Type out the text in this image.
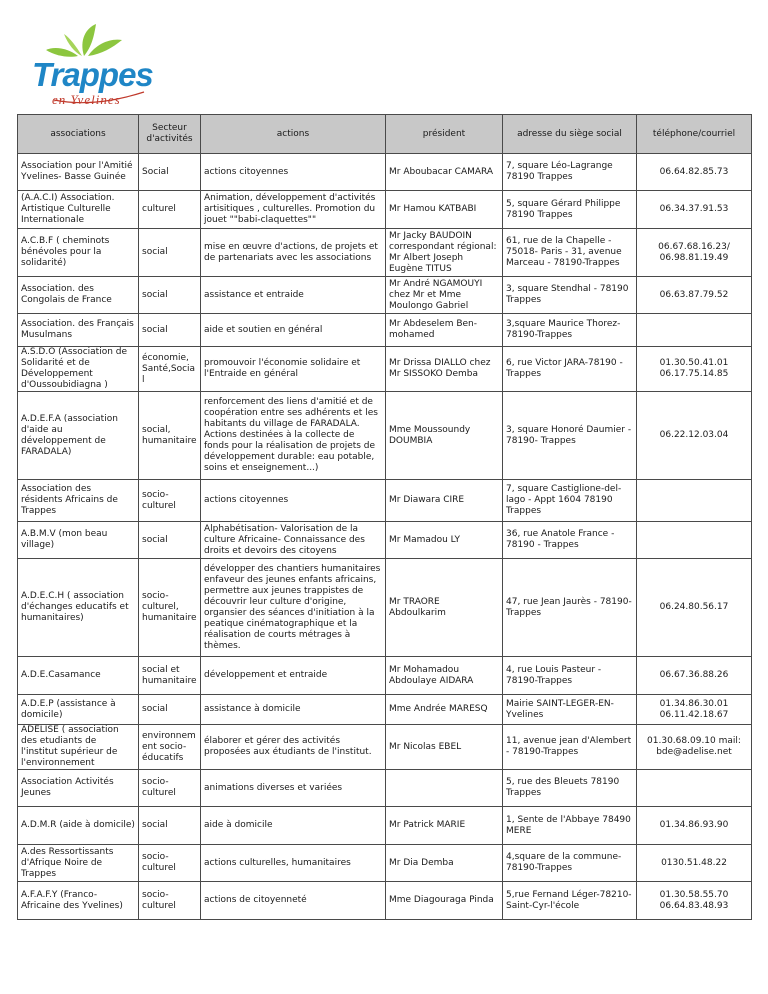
Trappes
en Yvelines
associations	Secteur d'activités	actions	président	adresse du siège social	téléphone/courriel
Association pour l'Amitié Yvelines- Basse Guinée	Social	actions citoyennes	Mr Aboubacar CAMARA	7, square Léo-Lagrange 78190 Trappes	06.64.82.85.73
(A.A.C.I) Association. Artistique Culturelle Internationale	culturel	Animation, développement d'activités artisitiques , culturelles. Promotion du jouet ""babi-claquettes""	Mr Hamou KATBABI	5, square Gérard Philippe 78190 Trappes	06.34.37.91.53
A.C.B.F ( cheminots bénévoles pour la solidarité)	social	mise en œuvre d'actions, de projets et de partenariats avec les associations	Mr Jacky BAUDOIN correspondant régional: Mr Albert Joseph Eugène TITUS	61, rue de la Chapelle - 75018- Paris - 31, avenue Marceau - 78190-Trappes	06.67.68.16.23/ 06.98.81.19.49
Association. des Congolais de France	social	assistance et entraide	Mr André NGAMOUYI chez Mr et Mme Moulongo Gabriel	3, square Stendhal - 78190 Trappes	06.63.87.79.52
Association. des Français Musulmans	social	aide et soutien en général	Mr Abdeselem Ben-mohamed	3,square Maurice Thorez-78190-Trappes	
A.S.D.O (Association de Solidarité et de Développement d'Oussoubidiagna )	économie, Santé,Social	promouvoir l'économie solidaire et l'Entraide en général	Mr Drissa DIALLO chez Mr SISSOKO Demba	6, rue Victor JARA-78190 - Trappes	01.30.50.41.01 06.17.75.14.85
A.D.E.F.A (association d'aide au développement de FARADALA)	social, humanitaire	renforcement des liens d'amitié et de coopération entre ses adhérents et les habitants du village de FARADALA. Actions destinées à la collecte de fonds pour la réalisation de projets de développement durable: eau potable, soins et enseignement...)	Mme Moussoundy DOUMBIA	3, square Honoré Daumier - 78190- Trappes	06.22.12.03.04
Association des résidents Africains de Trappes	socio-culturel	actions citoyennes	Mr Diawara CIRE	7, square Castiglione-del-lago - Appt 1604 78190 Trappes	
A.B.M.V (mon beau village)	social	Alphabétisation- Valorisation de la culture Africaine- Connaissance des droits et devoirs des citoyens	Mr Mamadou LY	36, rue Anatole France - 78190 - Trappes	
A.D.E.C.H ( association d'échanges educatifs et humanitaires)	socio-culturel, humanitaire	développer des chantiers humanitaires enfaveur des jeunes enfants africains, permettre aux jeunes trappistes de découvrir leur culture d'origine, organsier des séances d'initiation à la peatique cinématographique et la réalisation de courts métrages à thèmes.	Mr TRAORE Abdoulkarim	47, rue Jean Jaurès - 78190-Trappes	06.24.80.56.17
A.D.E.Casamance	social et humanitaire	développement et entraide	Mr Mohamadou Abdoulaye AIDARA	4, rue Louis Pasteur - 78190-Trappes	06.67.36.88.26
A.D.E.P (assistance à domicile)	social	assistance à domicile	Mme Andrée MARESQ	Mairie SAINT-LEGER-EN-Yvelines	01.34.86.30.01 06.11.42.18.67
ADELISE ( association des etudiants de l'institut supérieur de l'environnement	environnem ent socio-éducatifs	élaborer et gérer des activités proposées aux étudiants de l'institut.	Mr Nicolas EBEL	11, avenue jean d'Alembert - 78190-Trappes	01.30.68.09.10 mail: bde@adelise.net
Association Activités Jeunes	socio-culturel	animations diverses et variées		5, rue des Bleuets 78190 Trappes	
A.D.M.R (aide à domicile)	social	aide à domicile	Mr Patrick MARIE	1, Sente de l'Abbaye 78490 MERE	01.34.86.93.90
A.des Ressortissants d'Afrique Noire de Trappes	socio-culturel	actions culturelles, humanitaires	Mr Dia Demba	4,square de la commune-78190-Trappes	0130.51.48.22
A.F.A.F.Y (Franco-Africaine des Yvelines)	socio-culturel	actions de citoyenneté	Mme Diagouraga Pinda	5,rue Fernand Léger-78210-Saint-Cyr-l'école	01.30.58.55.70 06.64.83.48.93
